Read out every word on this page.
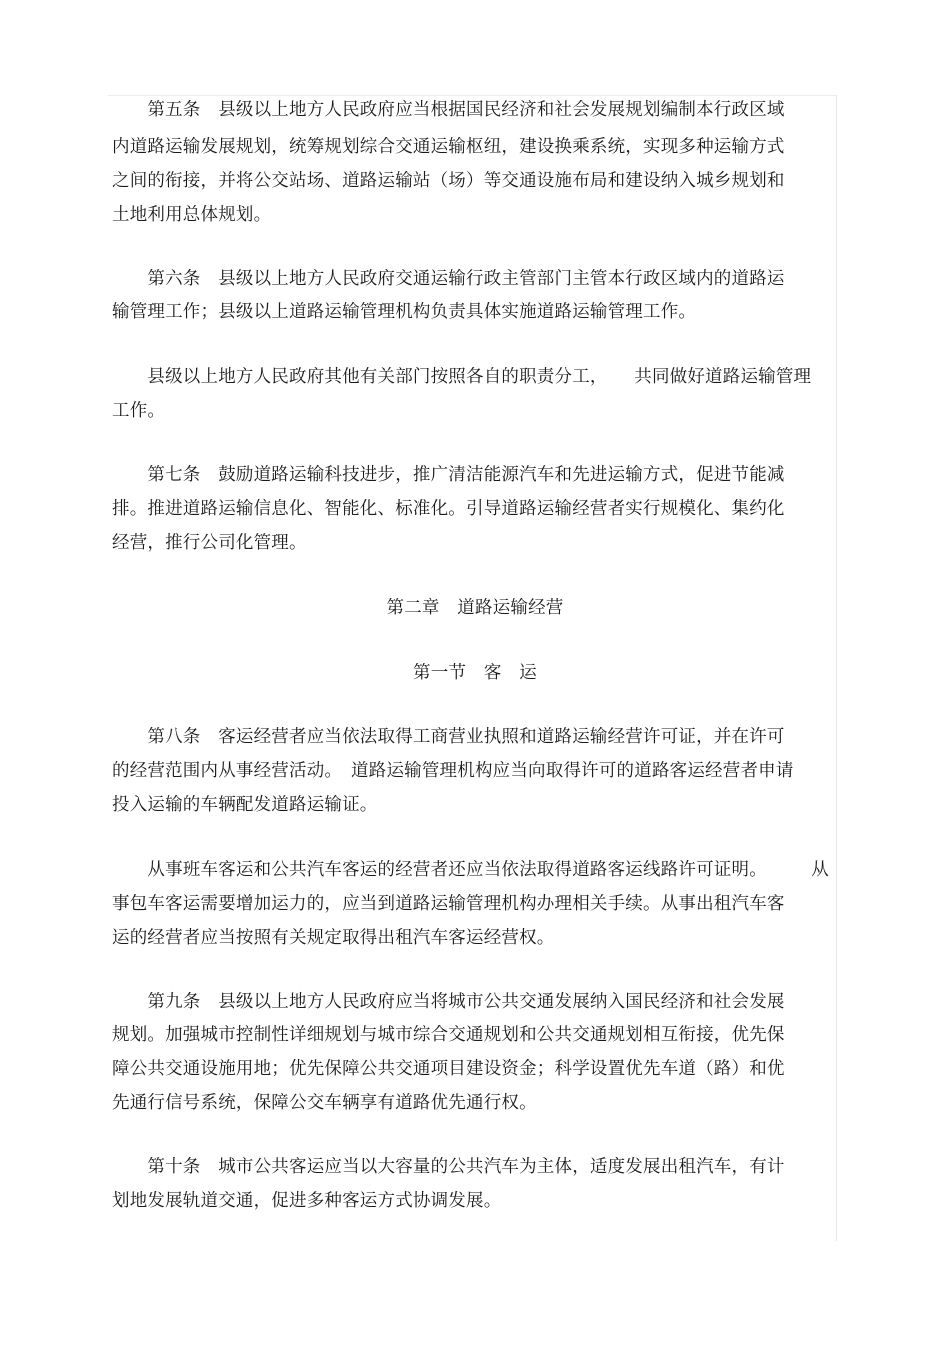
　　第五条　县级以上地方人民政府应当根据国民经济和社会发展规划编制本行政区域
内道路运输发展规划，统筹规划综合交通运输枢纽，建设换乘系统，实现多种运输方式
之间的衔接，并将公交站场、道路运输站（场）等交通设施布局和建设纳入城乡规划和
土地利用总体规划。
　　第六条　县级以上地方人民政府交通运输行政主管部门主管本行政区域内的道路运
输管理工作；县级以上道路运输管理机构负责具体实施道路运输管理工作。
　　县级以上地方人民政府其他有关部门按照各自的职责分工，　　共同做好道路运输管理
工作。
　　第七条　鼓励道路运输科技进步，推广清洁能源汽车和先进运输方式，促进节能减
排。推进道路运输信息化、智能化、标准化。引导道路运输经营者实行规模化、集约化
经营，推行公司化管理。
第二章　道路运输经营
第一节　客　运
　　第八条　客运经营者应当依法取得工商营业执照和道路运输经营许可证，并在许可
的经营范围内从事经营活动。　道路运输管理机构应当向取得许可的道路客运经营者申请
投入运输的车辆配发道路运输证。
　　从事班车客运和公共汽车客运的经营者还应当依法取得道路客运线路许可证明。　　　从
事包车客运需要增加运力的，应当到道路运输管理机构办理相关手续。从事出租汽车客
运的经营者应当按照有关规定取得出租汽车客运经营权。
　　第九条　县级以上地方人民政府应当将城市公共交通发展纳入国民经济和社会发展
规划。加强城市控制性详细规划与城市综合交通规划和公共交通规划相互衔接，优先保
障公共交通设施用地；优先保障公共交通项目建设资金；科学设置优先车道（路）和优
先通行信号系统，保障公交车辆享有道路优先通行权。
　　第十条　城市公共客运应当以大容量的公共汽车为主体，适度发展出租汽车，有计
划地发展轨道交通，促进多种客运方式协调发展。
